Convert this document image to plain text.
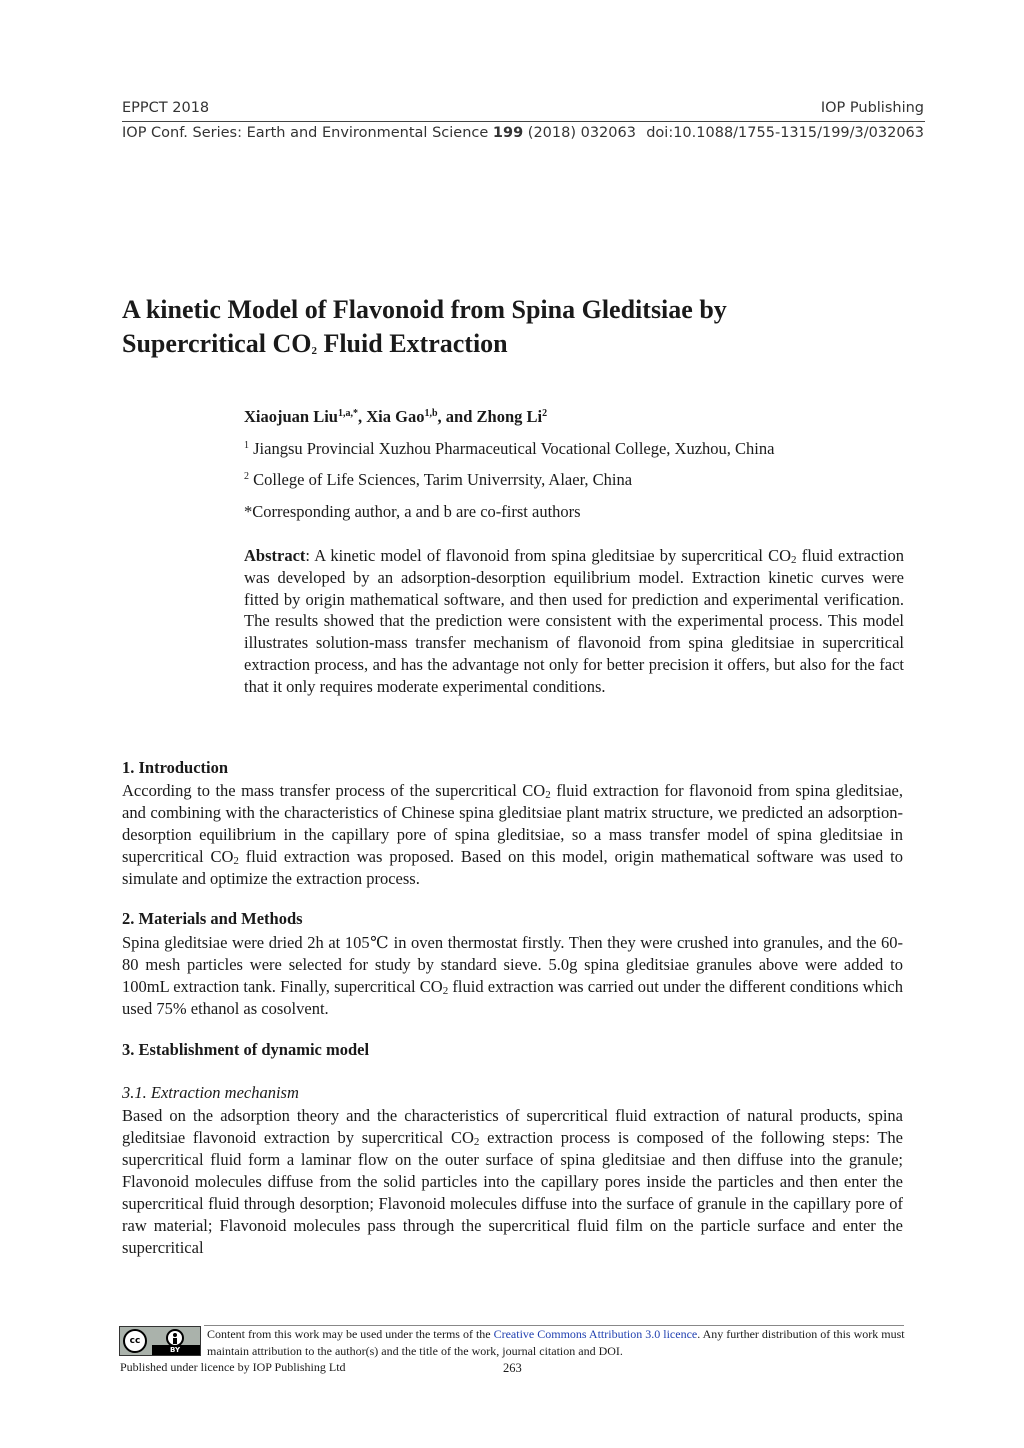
EPPCT 2018	IOP Publishing
IOP Conf. Series: Earth and Environmental Science 199 (2018) 032063 doi:10.1088/1755-1315/199/3/032063
A kinetic Model of Flavonoid from Spina Gleditsiae by
Supercritical $CO_2$ Fluid Extraction
Xiaojuan Liu$^{1,a,*}$, Xia Gao$^{1,b}$, and Zhong Li$^2$
$^1$ Jiangsu Provincial Xuzhou Pharmaceutical Vocational College, Xuzhou, China
$^2$ College of Life Sciences, Tarim Univerrsity, Alaer, China
*Corresponding author, a and b are co-first authors
Abstract: A kinetic model of flavonoid from spina gleditsiae by supercritical $CO_2$ fluid extraction was developed by an adsorption-desorption equilibrium model. Extraction kinetic curves were fitted by origin mathematical software, and then used for prediction and experimental verification. The results showed that the prediction were consistent with the experimental process. This model illustrates solution-mass transfer mechanism of flavonoid from spina gleditsiae in supercritical extraction process, and has the advantage not only for better precision it offers, but also for the fact that it only requires moderate experimental conditions.
1. Introduction
According to the mass transfer process of the supercritical $CO_2$ fluid extraction for flavonoid from spina gleditsiae, and combining with the characteristics of Chinese spina gleditsiae plant matrix structure, we predicted an adsorption-desorption equilibrium in the capillary pore of spina gleditsiae, so a mass transfer model of spina gleditsiae in supercritical $CO_2$ fluid extraction was proposed. Based on this model, origin mathematical software was used to simulate and optimize the extraction process.
2. Materials and Methods
Spina gleditsiae were dried 2h at 105℃ in oven thermostat firstly. Then they were crushed into granules, and the 60-80 mesh particles were selected for study by standard sieve. 5.0g spina gleditsiae granules above were added to 100mL extraction tank. Finally, supercritical $CO_2$ fluid extraction was carried out under the different conditions which used 75% ethanol as cosolvent.
3. Establishment of dynamic model
3.1. Extraction mechanism
Based on the adsorption theory and the characteristics of supercritical fluid extraction of natural products, spina gleditsiae flavonoid extraction by supercritical $CO_2$ extraction process is composed of the following steps: The supercritical fluid form a laminar flow on the outer surface of spina gleditsiae and then diffuse into the granule; Flavonoid molecules diffuse from the solid particles into the capillary pores inside the particles and then enter the supercritical fluid through desorption; Flavonoid molecules diffuse into the surface of granule in the capillary pore of raw material; Flavonoid molecules pass through the supercritical fluid film on the particle surface and enter the supercritical
cc
BY
Content from this work may be used under the terms of the Creative Commons Attribution 3.0 licence. Any further distribution of this work must maintain attribution to the author(s) and the title of the work, journal citation and DOI.
Published under licence by IOP Publishing Ltd	263
